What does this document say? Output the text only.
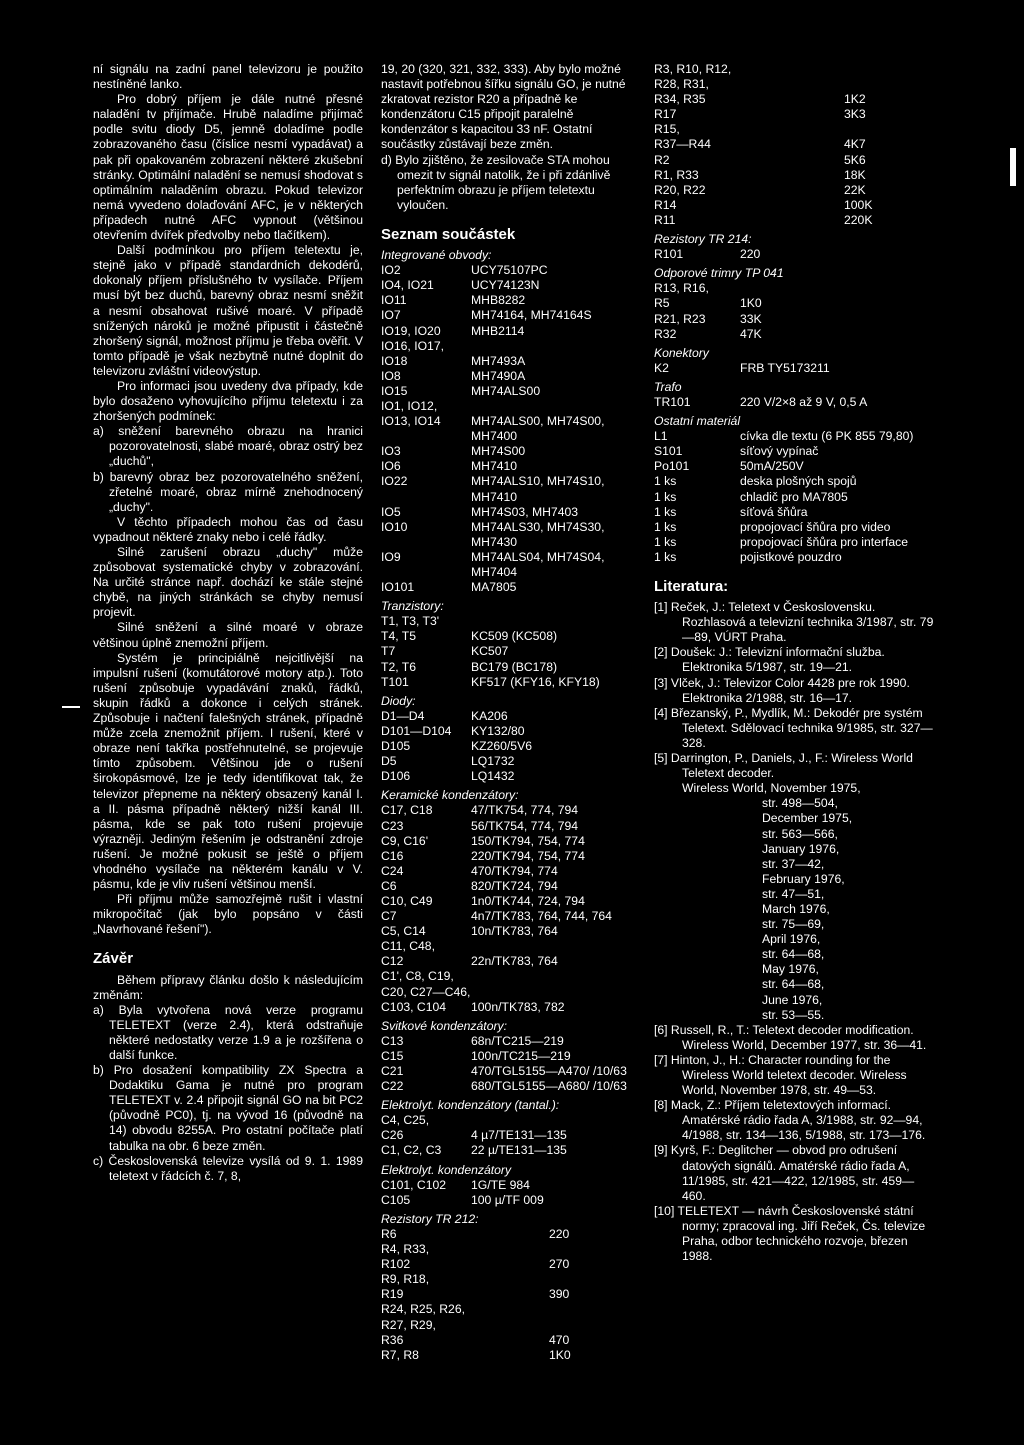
ní signálu na zadní panel televizoru je použito nestíněné lanko.

Pro dobrý příjem je dále nutné přesné naladění tv přijímače. Hrubě naladíme přijímač podle svitu diody D5, jemně doladíme podle zobrazovaného času (číslice nesmí vypadávat) a pak při opakovaném zobrazení některé zkušební stránky. Optimální naladění se nemusí shodovat s optimálním naladěním obrazu. Pokud televizor nemá vyvedeno dolaďování AFC, je v některých případech nutné AFC vypnout (většinou otevřením dvířek předvolby nebo tlačítkem).

Další podmínkou pro příjem teletextu je, stejně jako v případě standardních dekodérů, dokonalý příjem příslušného tv vysílače. Příjem musí být bez duchů, barevný obraz nesmí sněžit a nesmí obsahovat rušivé moaré. V případě snížených nároků je možné připustit i částečně zhoršený signál, možnost příjmu je třeba ověřit. V tomto případě je však nezbytně nutné doplnit do televizoru zvláštní videovýstup.

Pro informaci jsou uvedeny dva případy, kde bylo dosaženo vyhovujícího příjmu teletextu i za zhoršených podmínek:

a) sněžení barevného obrazu na hranici pozorovatelnosti, slabé moaré, obraz ostrý bez „duchů",

b) barevný obraz bez pozorovatelného sněžení, zřetelné moaré, obraz mírně znehodnocený „duchy".

V těchto případech mohou čas od času vypadnout některé znaky nebo i celé řádky.

Silné zarušení obrazu „duchy" může způsobovat systematické chyby v zobrazování. Na určité stránce např. dochází ke stále stejné chybě, na jiných stránkách se chyby nemusí projevit.

Silné sněžení a silné moaré v obraze většinou úplně znemožní příjem.

Systém je principiálně nejcitlivější na impulsní rušení (komutátorové motory atp.). Toto rušení způsobuje vypadávání znaků, řádků, skupin řádků a dokonce i celých stránek. Způsobuje i načtení falešných stránek, případně může zcela znemožnit příjem. I rušení, které v obraze není takřka postřehnutelné, se projevuje tímto způsobem. Většinou jde o rušení širokopásmové, lze je tedy identifikovat tak, že televizor přepneme na některý obsazený kanál I. a II. pásma případně některý nižší kanál III. pásma, kde se pak toto rušení projevuje výrazněji. Jediným řešením je odstranění zdroje rušení. Je možné pokusit se ještě o příjem vhodného vysílače na některém kanálu v V. pásmu, kde je vliv rušení většinou menší.

Při příjmu může samozřejmě rušit i vlastní mikropočítač (jak bylo popsáno v části „Navrhované řešení").

Závěr

Během přípravy článku došlo k následujícím změnám:

a) Byla vytvořena nová verze programu TELETEXT (verze 2.4), která odstraňuje některé nedostatky verze 1.9 a je rozšířena o další funkce.

b) Pro dosažení kompatibility ZX Spectra a Dodaktiku Gama je nutné pro program TELETEXT v. 2.4 připojit signál GO na bit PC2 (původně PC0), tj. na vývod 16 (původně na 14) obvodu 8255A. Pro ostatní počítače platí tabulka na obr. 6 beze změn.

c) Československá televize vysílá od 9. 1. 1989 teletext v řádcích č. 7, 8,

19, 20 (320, 321, 332, 333). Aby bylo možné nastavit potřebnou šířku signálu GO, je nutné zkratovat rezistor R20 a případně ke kondenzátoru C15 připojit paralelně kondenzátor s kapacitou 33 nF. Ostatní součástky zůstávají beze změn.

d) Bylo zjištěno, že zesilovače STA mohou omezit tv signál natolik, že i při zdánlivě perfektním obrazu je příjem teletextu vyloučen.

Seznam součástek
Integrované obvody:
IO2	UCY75107PC
IO4, IO21	UCY74123N
IO11	MHB8282
IO7	MH74164, MH74164S
IO19, IO20	MHB2114
IO16, IO17,
IO18	MH7493A
IO8	MH7490A
IO15	MH74ALS00
IO1, IO12,
IO13, IO14	MH74ALS00, MH74S00, MH7400
IO3	MH74S00
IO6	MH7410
IO22	MH74ALS10, MH74S10, MH7410
IO5	MH74S03, MH7403
IO10	MH74ALS30, MH74S30, MH7430
IO9	MH74ALS04, MH74S04, MH7404
IO101	MA7805
Tranzistory:
T1, T3, T3'
T4, T5	KC509 (KC508)
T7	KC507
T2, T6	BC179 (BC178)
T101	KF517 (KFY16, KFY18)
Diody:
D1—D4	KA206
D101—D104	KY132/80
D105	KZ260/5V6
D5	LQ1732
D106	LQ1432
Keramické kondenzátory:
C17, C18	47/TK754, 774, 794
C23	56/TK754, 774, 794
C9, C16'	150/TK794, 754, 774
C16	220/TK794, 754, 774
C24	470/TK794, 774
C6	820/TK724, 794
C10, C49	1n0/TK744, 724, 794
C7	4n7/TK783, 764, 744, 764
C5, C14	10n/TK783, 764
C11, C48,
C12	22n/TK783, 764
C1', C8, C19,
C20, C27—C46,
C103, C104	100n/TK783, 782
Svitkové kondenzátory:
C13	68n/TC215—219
C15	100n/TC215—219
C21	470/TGL5155—A470/ /10/63
C22	680/TGL5155—A680/ /10/63
Elektrolyt. kondenzátory (tantal.):
C4, C25,
C26	4 µ7/TE131—135
C1, C2, C3	22 µ/TE131—135
Elektrolyt. kondenzátory
C101, C102	1G/TE 984
C105	100 µ/TF 009
Rezistory TR 212:
R6	220
R4, R33,
R102	270
R9, R18,
R19	390
R24, R25, R26,
R27, R29,
R36	470
R7, R8	1K0
R3, R10, R12,
R28, R31,
R34, R35	1K2
R17	3K3
R15,
R37—R44	4K7
R2	5K6
R1, R33	18K
R20, R22	22K
R14	100K
R11	220K
Rezistory TR 214:
R101	220
Odporové trimry TP 041
R13, R16,
R5	1K0
R21, R23	33K
R32	47K
Konektory
K2	FRB TY5173211
Trafo
TR101	220 V/2×8 až 9 V, 0,5 A
Ostatní materiál
L1	cívka dle textu (6 PK 855 79,80)
S101	síťový vypínač
Po101	50mA/250V
1 ks	deska plošných spojů
1 ks	chladič pro MA7805
1 ks	síťová šňůra
1 ks	propojovací šňůra pro video
1 ks	propojovací šňůra pro interface
1 ks	pojistkové pouzdro
Literatura:

[1] Reček, J.: Teletext v Československu. Rozhlasová a televizní technika 3/1987, str. 79—89, VÚRT Praha.

[2] Doušek: J.: Televizní informační služba. Elektronika 5/1987, str. 19—21.

[3] Vlček, J.: Televizor Color 4428 pre rok 1990. Elektronika 2/1988, str. 16—17.

[4] Březanský, P., Mydlík, M.: Dekodér pre systém Teletext. Sdělovací technika 9/1985, str. 327—328.

[5] Darrington, P., Daniels, J., F.: Wireless World Teletext decoder.

Wireless World, November 1975,
str. 498—504,
December 1975,
str. 563—566,
January 1976,
str. 37—42,
February 1976,
str. 47—51,
March 1976,
str. 75—69,
April 1976,
str. 64—68,
May 1976,
str. 64—68,
June 1976,
str. 53—55.

[6] Russell, R., T.: Teletext decoder modification. Wireless World, December 1977, str. 36—41.

[7] Hinton, J., H.: Character rounding for the Wireless World teletext decoder. Wireless World, November 1978, str. 49—53.

[8] Mack, Z.: Příjem teletextových informací. Amatérské rádio řada A, 3/1988, str. 92—94, 4/1988, str. 134—136, 5/1988, str. 173—176.

[9] Kyrš, F.: Deglitcher — obvod pro odrušení datových signálů. Amatérské rádio řada A, 11/1985, str. 421—422, 12/1985, str. 459—460.

[10] TELETEXT — návrh Československé státní normy; zpracoval ing. Jiří Reček, Čs. televize Praha, odbor technického rozvoje, březen 1988.
